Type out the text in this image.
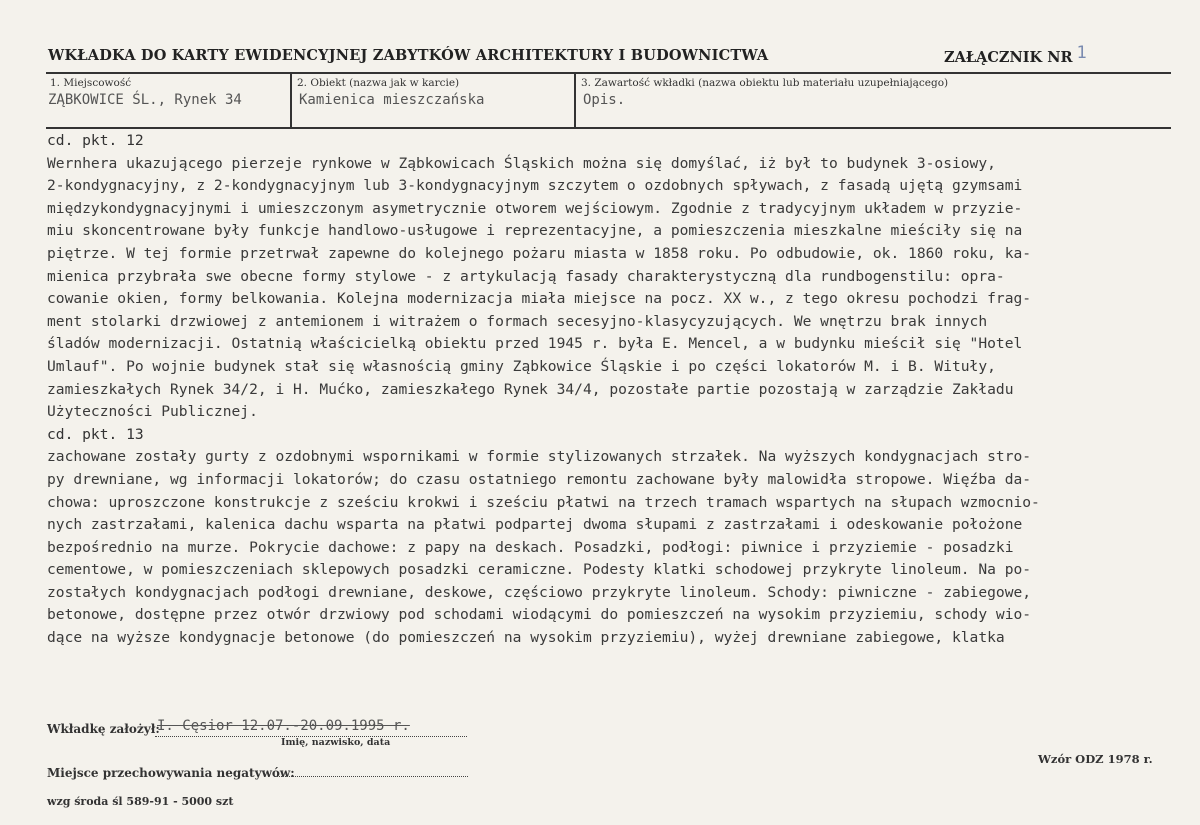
WKŁADKA DO KARTY EWIDENCYJNEJ ZABYTKÓW ARCHITEKTURY I BUDOWNICTWA	ZAŁĄCZNIK NR 1
1. Miejscowość
ZĄBKOWICE ŚL., Rynek 34
2. Obiekt (nazwa jak w karcie)
Kamienica mieszczańska
3. Zawartość wkładki (nazwa obiektu lub materiału uzupełniającego)
Opis.

cd. pkt. 12

Wernhera ukazującego pierzeje rynkowe w Ząbkowicach Śląskich można się domyślać, iż był to budynek 3-osiowy,

2-kondygnacyjny, z 2-kondygnacyjnym lub 3-kondygnacyjnym szczytem o ozdobnych spływach, z fasadą ujętą gzymsami

międzykondygnacyjnymi i umieszczonym asymetrycznie otworem wejściowym. Zgodnie z tradycyjnym układem w przyzie-

miu skoncentrowane były funkcje handlowo-usługowe i reprezentacyjne, a pomieszczenia mieszkalne mieściły się na

piętrze. W tej formie przetrwał zapewne do kolejnego pożaru miasta w 1858 roku. Po odbudowie, ok. 1860 roku, ka-

mienica przybrała swe obecne formy stylowe - z artykulacją fasady charakterystyczną dla rundbogenstilu: opra-

cowanie okien, formy belkowania. Kolejna modernizacja miała miejsce na pocz. XX w., z tego okresu pochodzi frag-

ment stolarki drzwiowej z antemionem i witrażem o formach secesyjno-klasycyzujących. We wnętrzu brak innych

śladów modernizacji. Ostatnią właścicielką obiektu przed 1945 r. była E. Mencel, a w budynku mieścił się "Hotel

Umlauf". Po wojnie budynek stał się własnością gminy Ząbkowice Śląskie i po części lokatorów M. i B. Wituły,

zamieszkałych Rynek 34/2, i H. Mućko, zamieszkałego Rynek 34/4, pozostałe partie pozostają w zarządzie Zakładu

Użyteczności Publicznej.

cd. pkt. 13

zachowane zostały gurty z ozdobnymi wspornikami w formie stylizowanych strzałek. Na wyższych kondygnacjach stro-

py drewniane, wg informacji lokatorów; do czasu ostatniego remontu zachowane były malowidła stropowe. Więźba da-

chowa: uproszczone konstrukcje z sześciu krokwi i sześciu płatwi na trzech tramach wspartych na słupach wzmocnio-

nych zastrzałami, kalenica dachu wsparta na płatwi podpartej dwoma słupami z zastrzałami i odeskowanie położone

bezpośrednio na murze. Pokrycie dachowe: z papy na deskach. Posadzki, podłogi: piwnice i przyziemie - posadzki

cementowe, w pomieszczeniach sklepowych posadzki ceramiczne. Podesty klatki schodowej przykryte linoleum. Na po-

zostałych kondygnacjach podłogi drewniane, deskowe, częściowo przykryte linoleum. Schody: piwniczne - zabiegowe,

betonowe, dostępne przez otwór drzwiowy pod schodami wiodącymi do pomieszczeń na wysokim przyziemiu, schody wio-

dące na wyższe kondygnacje betonowe (do pomieszczeń na wysokim przyziemiu), wyżej drewniane zabiegowe, klatka

Wkładkę założył:
I. Cęsior 12.07.-20.09.1995 r.
Imię, nazwisko, data
Wzór ODZ 1978 r.
Miejsce przechowywania negatywów:
wzg środa śl 589-91 - 5000 szt
